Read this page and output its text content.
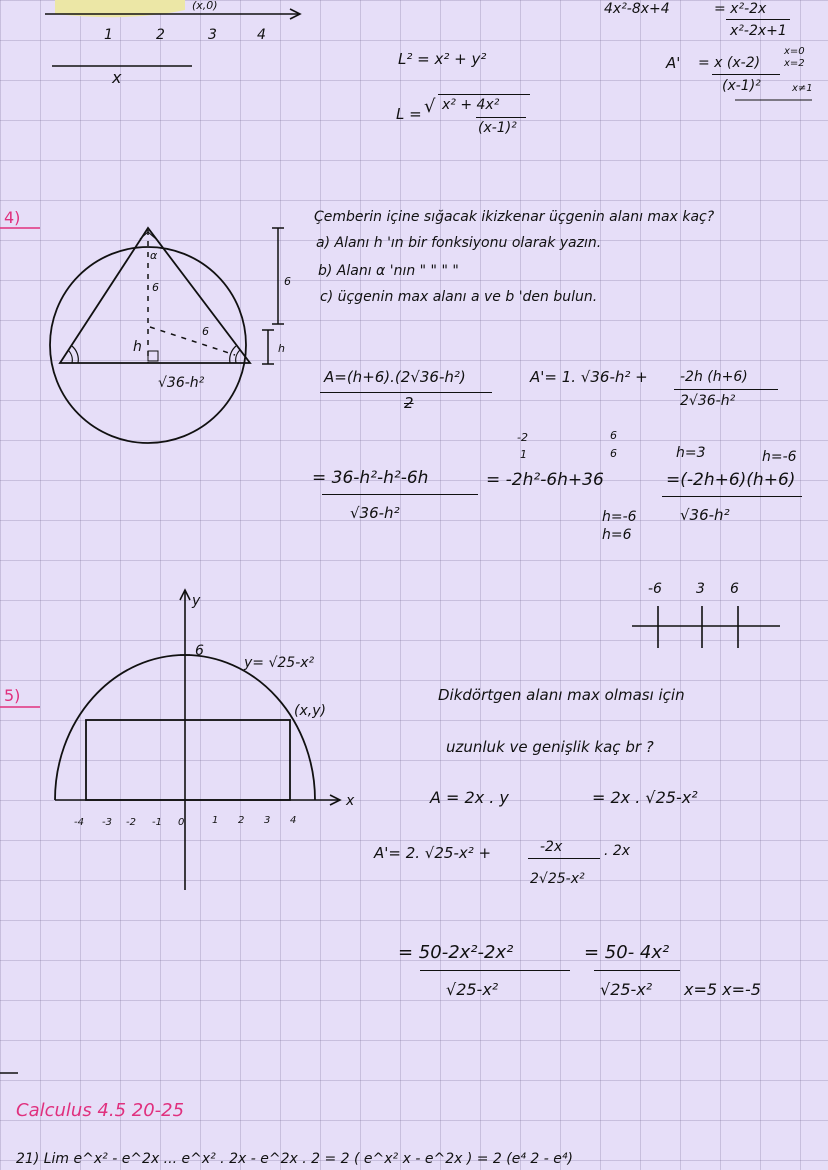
(x,0)
1	2	3	4
x
L² = x² + y²
L = √ x² + 4x²
(x-1)²
4x²-8x+4	= x²-2x
x²-2x+1
A' = x (x-2)
(x-1)²
x=0
x=2
x≠1
4)	Çemberin içine sığacak ikizkenar üçgenin alanı max kaç?
a) Alanı h 'ın bir fonksiyonu olarak yazın.
b) Alanı α 'nın " " " "
c) üçgenin max alanı a ve b 'den bulun.
α
6
6
h
√36-h²
6
h
A=(h+6).(2√36-h²)
2
A'= 1. √36-h² + -2h (h+6)
2√36-h²
-2
1
6
6	h=3	h=-6
= 36-h²-h²-6h
√36-h²
= -2h²-6h+36	=(-2h+6)(h+6)
√36-h²
h=-6
h=6
-6 3 6
5)
y
x
6
y= √25-x²
(x,y)
-4 -3 -2 -1 0	1 2 3 4
Dikdörtgen alanı max olması için
uzunluk ve genişlik kaç br ?
A = 2x . y	= 2x . √25-x²
A'= 2. √25-x² +	-2x
2√25-x²
. 2x
= 50-2x²-2x²
√25-x²
= 50- 4x²
√25-x² x=5 x=-5
Calculus 4.5 20-25
21) Lim e^x² - e^2x ... e^x² . 2x - e^2x . 2 = 2 ( e^x² x - e^2x ) = 2 (e⁴ 2 - e⁴)
